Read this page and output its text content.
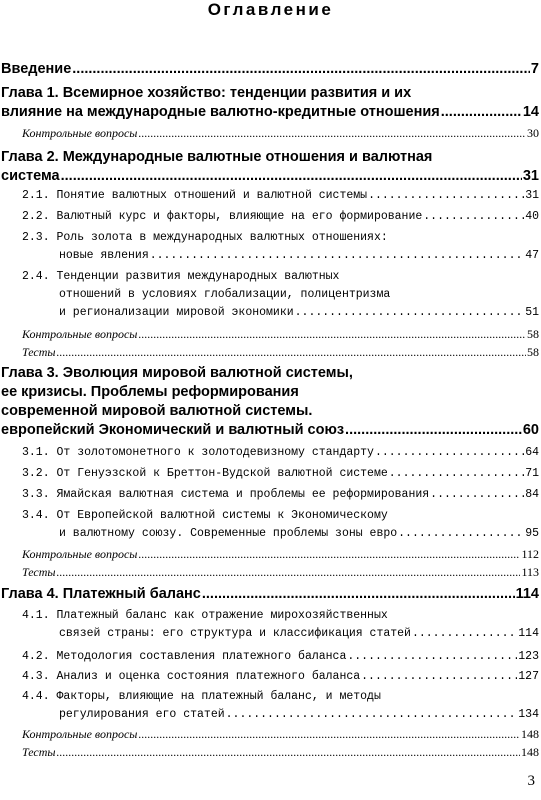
Оглавление
Введение .....	7
Глава 1. Всемирное хозяйство: тенденции развития и их
влияние на международные валютно-кредитные отношения .....	14
Контрольные вопросы .....	30
Глава 2. Международные валютные отношения и валютная
система .....	31
2.1. Понятие валютных отношений и валютной системы .....	31
2.2. Валютный курс и факторы, влияющие на его формирование .....	40
2.3. Роль золота в международных валютных отношениях:
новые явления .....	47
2.4. Тенденции развития международных валютных
отношений в условиях глобализации, полицентризма
и регионализации мировой экономики .....	51
Контрольные вопросы .....	58
Тесты .....	58
Глава 3. Эволюция мировой валютной системы,
ее кризисы. Проблемы реформирования
современной мировой валютной системы.
европейский Экономический и валютный союз .....	60
3.1. От золотомонетного к золотодевизному стандарту .....	64
3.2. От Генуэзской к Бреттон-Вудской валютной системе .....	71
3.3. Ямайская валютная система и проблемы ее реформирования .....	84
3.4. От Европейской валютной системы к Экономическому
и валютному союзу. Современные проблемы зоны евро .....	95
Контрольные вопросы .....	112
Тесты .....	113
Глава 4. Платежный баланс .....	114
4.1. Платежный баланс как отражение мирохозяйственных
связей страны: его структура и классификация статей .....	114
4.2. Методология составления платежного баланса .....	123
4.3. Анализ и оценка состояния платежного баланса .....	127
4.4. Факторы, влияющие на платежный баланс, и методы
регулирования его статей .....	134
Контрольные вопросы .....	148
Тесты .....	148
3
